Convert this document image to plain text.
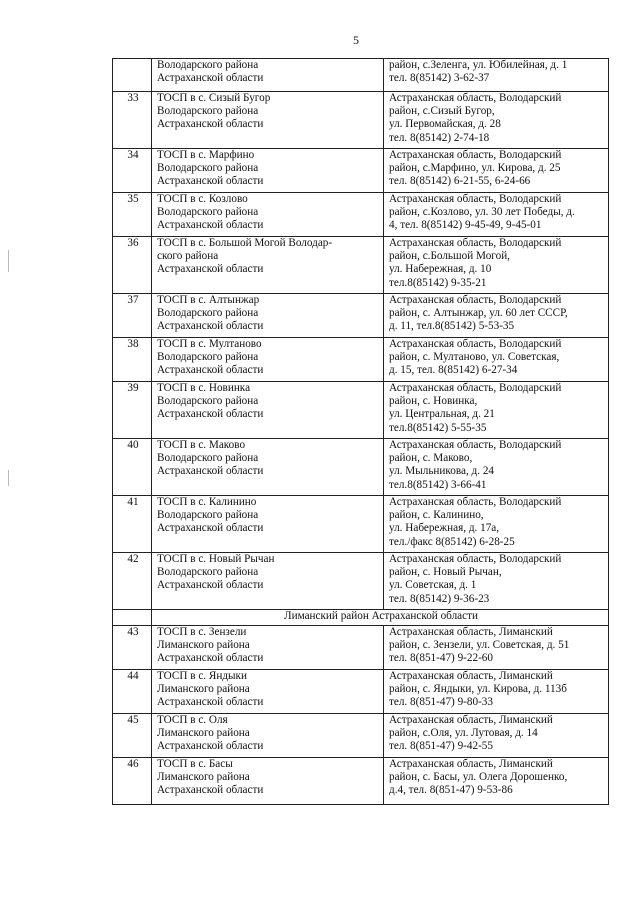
5

	Володарского района
Астраханской области	район, с.Зеленга, ул. Юбилейная, д. 1
тел. 8(85142) 3-62-37

33	ТОСП в с. Сизый Бугор
Володарского района
Астраханской области	Астраханская область, Володарский
район, с.Сизый Бугор,
ул. Первомайская, д. 28
тел. 8(85142) 2-74-18

34	ТОСП в с. Марфино
Володарского района
Астраханской области	Астраханская область, Володарский
район, с.Марфино, ул. Кирова, д. 25
тел. 8(85142) 6-21-55, 6-24-66

35	ТОСП в с. Козлово
Володарского района
Астраханской области	Астраханская область, Володарский
район, с.Козлово, ул. 30 лет Победы, д.
4, тел. 8(85142) 9-45-49, 9-45-01

36	ТОСП в с. Большой Могой Володар-
ского района
Астраханской области	Астраханская область, Володарский
район, с.Большой Могой,
ул. Набережная, д. 10
тел.8(85142) 9-35-21

37	ТОСП в с. Алтынжар
Володарского района
Астраханской области	Астраханская область, Володарский
район, с. Алтынжар, ул. 60 лет СССР,
д. 11, тел.8(85142) 5-53-35

38	ТОСП в с. Мултаново
Володарского района
Астраханской области	Астраханская область, Володарский
район, с. Мултаново, ул. Советская,
д. 15, тел. 8(85142) 6-27-34

39	ТОСП в с. Новинка
Володарского района
Астраханской области	Астраханская область, Володарский
район, с. Новинка,
ул. Центральная, д. 21
тел.8(85142) 5-55-35

40	ТОСП в с. Маково
Володарского района
Астраханской области	Астраханская область, Володарский
район, с. Маково,
ул. Мыльникова, д. 24
тел.8(85142) 3-66-41

41	ТОСП в с. Калинино
Володарского района
Астраханской области	Астраханская область, Володарский
район, с. Калинино,
ул. Набережная, д. 17а,
тел./факс 8(85142) 6-28-25

42	ТОСП в с. Новый Рычан
Володарского района
Астраханской области	Астраханская область, Володарский
район, с. Новый Рычан,
ул. Советская, д. 1
тел. 8(85142) 9-36-23

	Лиманский район Астраханской области	
43	ТОСП в с. Зензели
Лиманского района
Астраханской области	Астраханская область, Лиманский
район, с. Зензели, ул. Советская, д. 51
тел. 8(851-47) 9-22-60

44	ТОСП в с. Яндыки
Лиманского района
Астраханской области	Астраханская область, Лиманский
район, с. Яндыки, ул. Кирова, д. 113б
тел. 8(851-47) 9-80-33

45	ТОСП в с. Оля
Лиманского района
Астраханской области	Астраханская область, Лиманский
район, с.Оля, ул. Лутовая, д. 14
тел. 8(851-47) 9-42-55

46	ТОСП в с. Басы
Лиманского района
Астраханской области	Астраханская область, Лиманский
район, с. Басы, ул. Олега Дорошенко,
д.4, тел. 8(851-47) 9-53-86
